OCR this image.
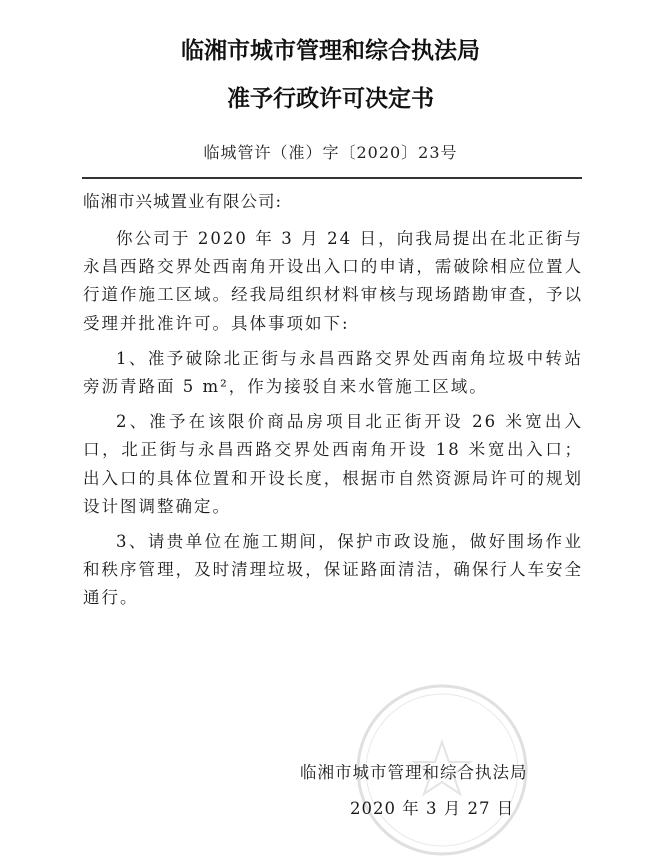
临湘市城市管理和综合执法局
准予行政许可决定书
临城管许（准）字〔2020〕23号
临湘市兴城置业有限公司:

你公司于 2020 年 3 月 24 日，向我局提出在北正街与永昌西路交界处西南角开设出入口的申请，需破除相应位置人行道作施工区域。经我局组织材料审核与现场踏勘审查，予以受理并批准许可。具体事项如下:

1、准予破除北正街与永昌西路交界处西南角垃圾中转站旁沥青路面 5 m²，作为接驳自来水管施工区域。

2、准予在该限价商品房项目北正街开设 26 米宽出入口，北正街与永昌西路交界处西南角开设 18 米宽出入口；出入口的具体位置和开设长度，根据市自然资源局许可的规划设计图调整确定。

3、请贵单位在施工期间，保护市政设施，做好围场作业和秩序管理，及时清理垃圾，保证路面清洁，确保行人车安全通行。

临湘市城市管理和综合执法局
2020 年 3 月 27 日
